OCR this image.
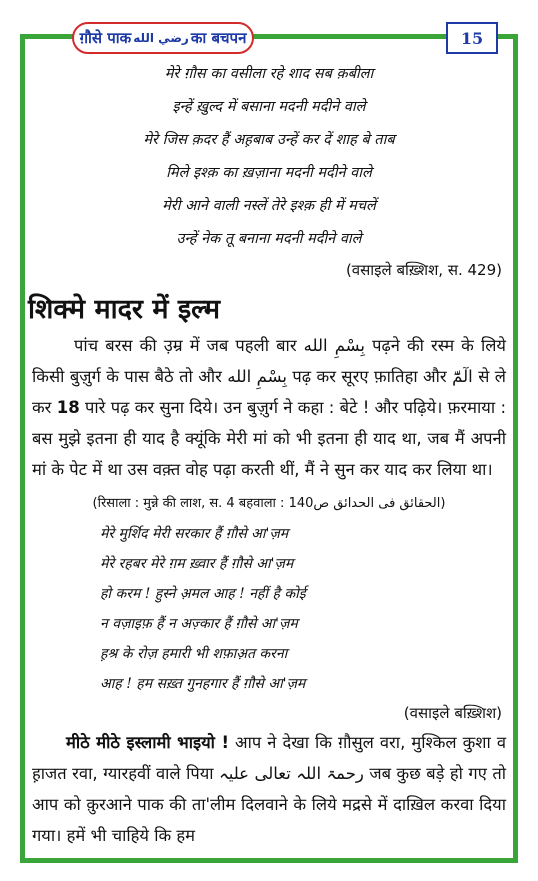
ग़ौसे पाक رضي الله का बचपन	15
मेरे ग़ौस का वसीला रहे शाद सब क़बीला
इन्हें ख़ुल्द में बसाना मदनी मदीने वाले
मेरे जिस क़दर हैं अह़बाब उन्हें कर दें शाह बे ताब
मिले इश्क़ का ख़ज़ाना मदनी मदीने वाले
मेरी आने वाली नस्लें तेरे इश्क़ ही में मचलें
उन्हें नेक तू बनाना मदनी मदीने वाले
(वसाइले बख़्शिश, स. 429)
शिक्मे मादर में इल्म

पांच बरस की उ़म्र में जब पहली बार بِسْمِ الله पढ़ने की रस्म के लिये किसी बुज़ुर्ग के पास बैठे तो और بِسْمِ الله पढ़ कर सूरए फ़ातिहा और الٓمّٓ से ले कर 18 पारे पढ़ कर सुना दिये। उन बुज़ुर्ग ने कहा : बेटे ! और पढ़िये। फ़रमाया : बस मुझे इतना ही याद है क्यूंकि मेरी मां को भी इतना ही याद था, जब मैं अपनी मां के पेट में था उस वक़्त वोह पढ़ा करती थीं, मैं ने सुन कर याद कर लिया था।

(रिसाला : मुन्ने की लाश, स. 4 बहवाला : الحقائق فی الحدائق ص140)
मेरे मुर्शिद मेरी सरकार हैं ग़ौसे आ'ज़म
मेरे रहबर मेरे ग़म ख़्वार हैं ग़ौसे आ'ज़म
हो करम ! हुस्ने अ़मल आह ! नहीं है कोई
न वज़ाइफ़ हैं न अज़्कार हैं ग़ौसे आ'ज़म
ह़श्र के रोज़ हमारी भी शफ़ाअ़त करना
आह ! हम सख़्त गुनहगार हैं ग़ौसे आ'ज़म
(वसाइले बख़्शिश)

मीठे मीठे इस्लामी भाइयो ! आप ने देखा कि ग़ौसुल वरा, मुश्किल कुशा व ह़ाजत रवा, ग्यारहवीं वाले पिया رحمۃ اللہ تعالی علیہ जब कुछ बड़े हो गए तो आप को क़ुरआने पाक की ता'लीम दिलवाने के लिये मद्रसे में दाख़िल करवा दिया गया। हमें भी चाहिये कि हम
